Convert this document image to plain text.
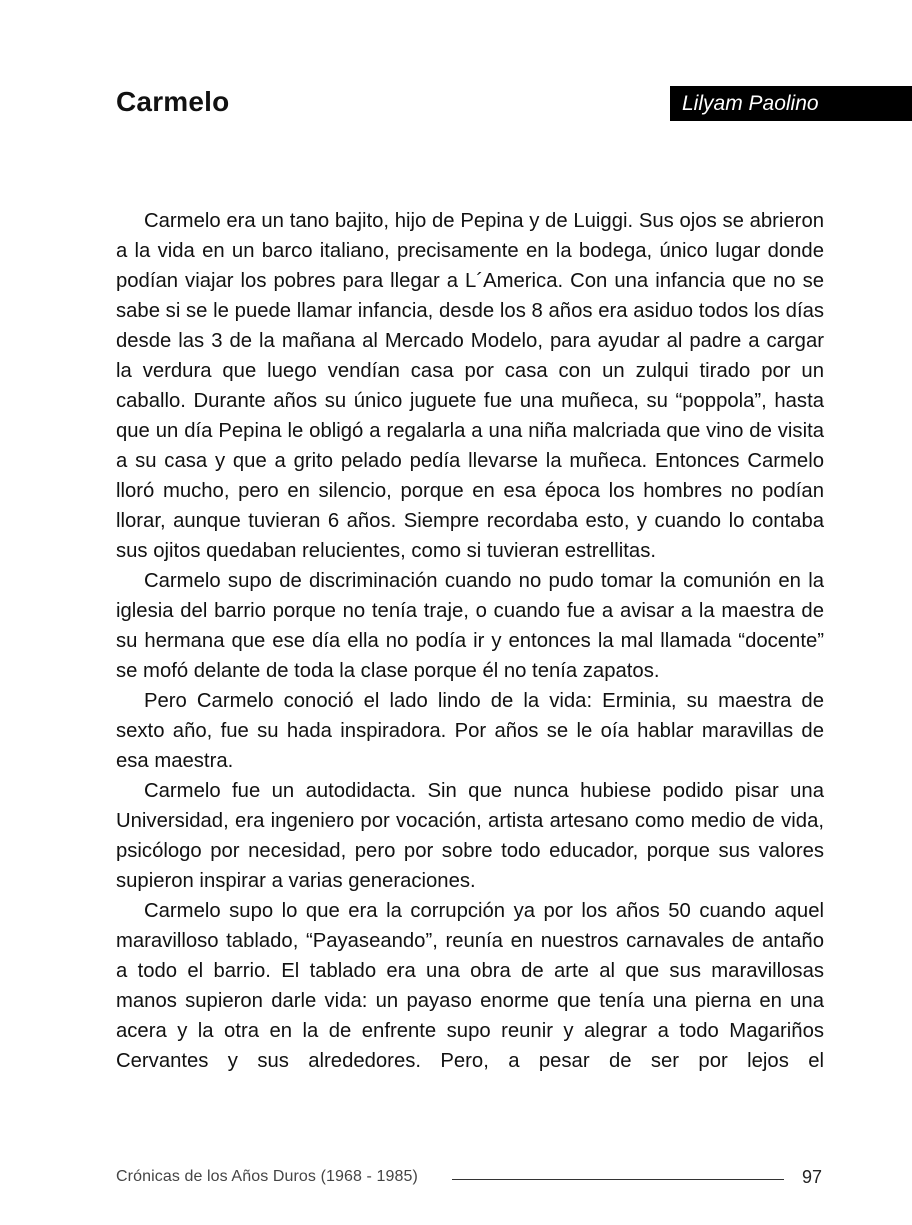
Carmelo	Lilyam Paolino

Carmelo era un tano bajito, hijo de Pepina y de Luiggi. Sus ojos se abrieron a la vida en un barco italiano, precisamente en la bodega, único lugar donde podían viajar los pobres para llegar a L´America. Con una infancia que no se sabe si se le puede llamar infancia, desde los 8 años era asiduo todos los días desde las 3 de la mañana al Mercado Modelo, para ayudar al padre a cargar la verdura que luego vendían casa por casa con un zulqui tirado por un caballo. Durante años su único juguete fue una muñeca, su “poppola”, hasta que un día Pepina le obligó a regalarla a una niña malcriada que vino de visita a su casa y que a grito pelado pedía llevarse la muñeca. Entonces Carmelo lloró mucho, pero en silencio, porque en esa época los hombres no podían llorar, aunque tuvieran 6 años. Siempre recordaba esto, y cuando lo contaba sus ojitos quedaban relucientes, como si tuvieran estrellitas.

Carmelo supo de discriminación cuando no pudo tomar la comunión en la iglesia del barrio porque no tenía traje, o cuando fue a avisar a la maestra de su hermana que ese día ella no podía ir y entonces la mal llamada “docente” se mofó delante de toda la clase porque él no tenía zapatos.

Pero Carmelo conoció el lado lindo de la vida: Erminia, su maestra de sexto año, fue su hada inspiradora. Por años se le oía hablar maravillas de esa maestra.

Carmelo fue un autodidacta. Sin que nunca hubiese podido pisar una Universidad, era ingeniero por vocación, artista artesano como medio de vida, psicólogo por necesidad, pero por sobre todo educador, porque sus valores supieron inspirar a varias generaciones.

Carmelo supo lo que era la corrupción ya por los años 50 cuando aquel maravilloso tablado, “Payaseando”, reunía en nuestros carnavales de antaño a todo el barrio. El tablado era una obra de arte al que sus maravillosas manos supieron darle vida: un payaso enorme que tenía una pierna en una acera y la otra en la de enfrente supo reunir y alegrar a todo Magariños Cervantes y sus alrededores. Pero, a pesar de ser por lejos el

Crónicas de los Años Duros (1968 - 1985)	97
